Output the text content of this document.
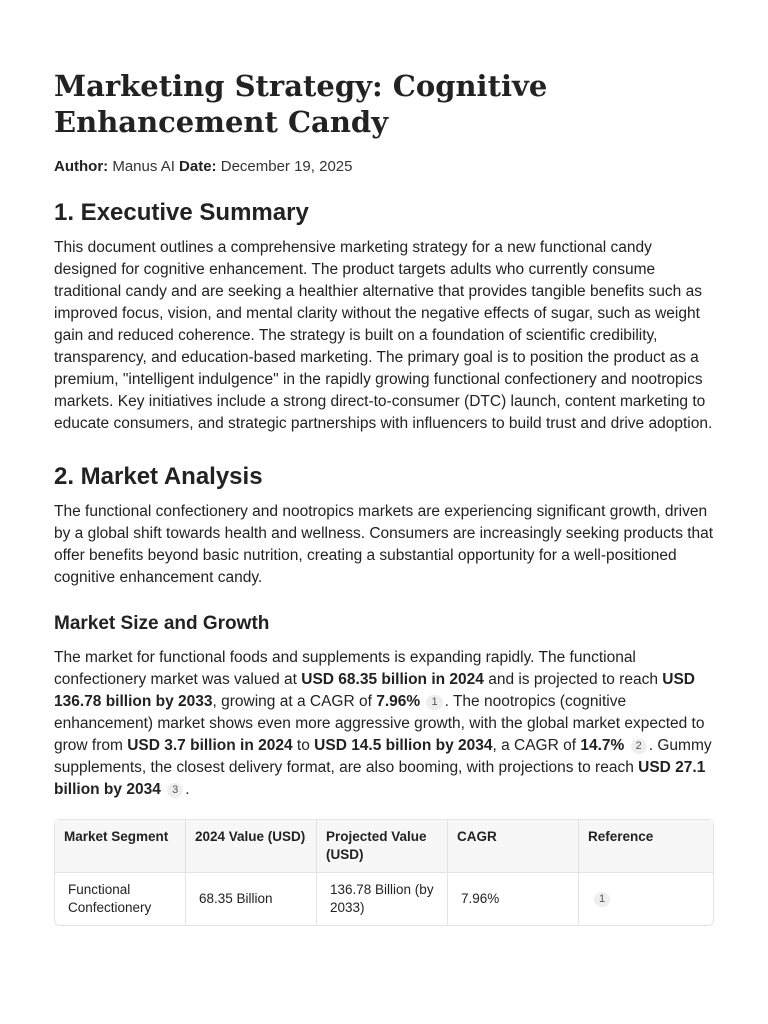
Marketing Strategy: Cognitive Enhancement Candy
Author: Manus AI Date: December 19, 2025
1. Executive Summary

This document outlines a comprehensive marketing strategy for a new functional candy designed for cognitive enhancement. The product targets adults who currently consume traditional candy and are seeking a healthier alternative that provides tangible benefits such as improved focus, vision, and mental clarity without the negative effects of sugar, such as weight gain and reduced coherence. The strategy is built on a foundation of scientific credibility, transparency, and education-based marketing. The primary goal is to position the product as a premium, "intelligent indulgence" in the rapidly growing functional confectionery and nootropics markets. Key initiatives include a strong direct-to-consumer (DTC) launch, content marketing to educate consumers, and strategic partnerships with influencers to build trust and drive adoption.

2. Market Analysis

The functional confectionery and nootropics markets are experiencing significant growth, driven by a global shift towards health and wellness. Consumers are increasingly seeking products that offer benefits beyond basic nutrition, creating a substantial opportunity for a well-positioned cognitive enhancement candy.

Market Size and Growth

The market for functional foods and supplements is expanding rapidly. The functional confectionery market was valued at USD 68.35 billion in 2024 and is projected to reach USD 136.78 billion by 2033, growing at a CAGR of 7.96% 1 . The nootropics (cognitive enhancement) market shows even more aggressive growth, with the global market expected to grow from USD 3.7 billion in 2024 to USD 14.5 billion by 2034, a CAGR of 14.7% 2 . Gummy supplements, the closest delivery format, are also booming, with projections to reach USD 27.1 billion by 2034 3 .

Market Segment	2024 Value (USD)	Projected Value (USD)	CAGR	Reference
Functional Confectionery	68.35 Billion	136.78 Billion (by 2033)	7.96%	1
